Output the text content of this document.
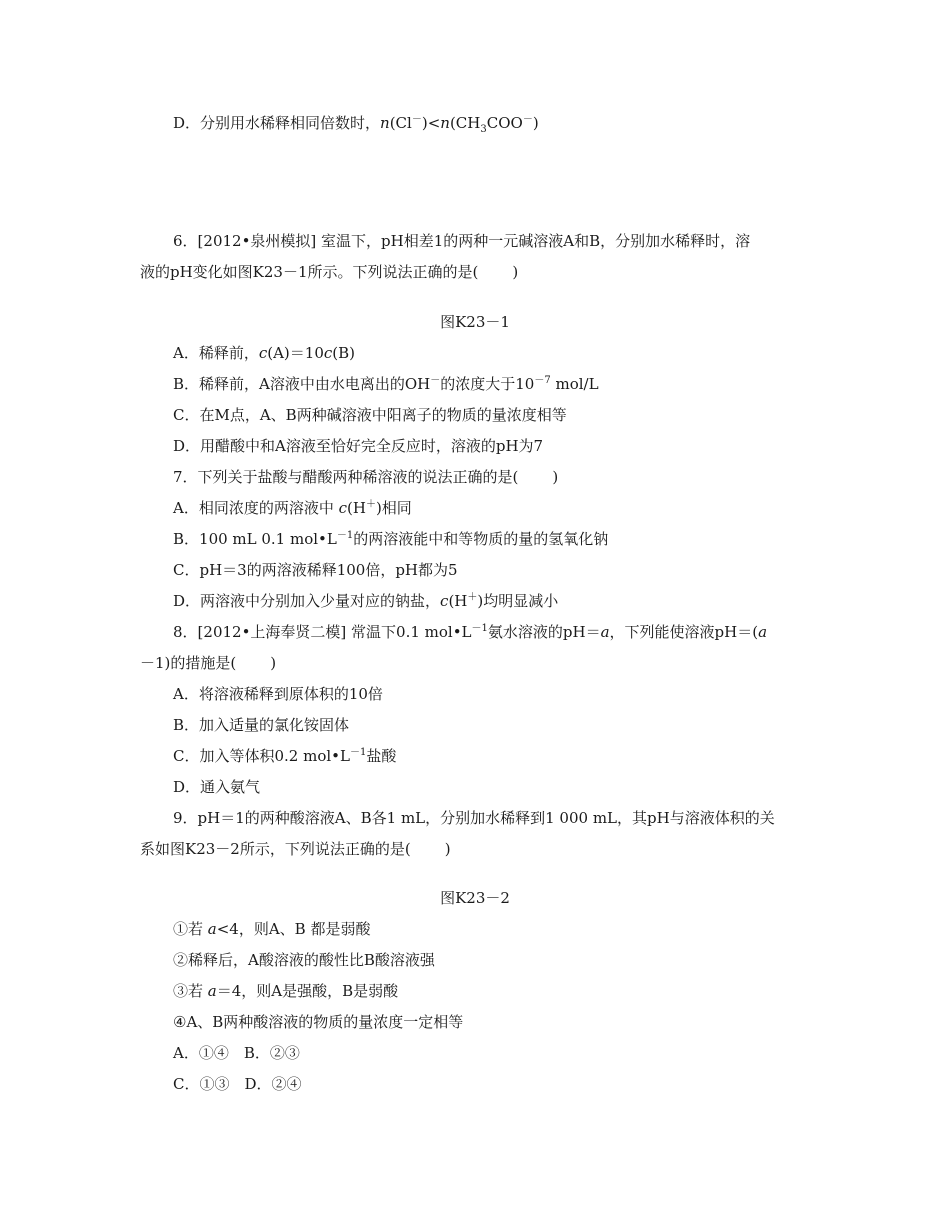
D．分别用水稀释相同倍数时，$n(Cl^-)<n(CH_3COO^-)$
6．[2012•泉州模拟] 室温下，pH相差1的两种一元碱溶液A和B，分别加水稀释时，溶
液的pH变化如图K23－1所示。下列说法正确的是( )
图K23－1
A．稀释前，c(A)＝10c(B)
B．稀释前，A溶液中由水电离出的OH－的浓度大于$10^{-7}$ mol/L
C．在M点，A、B两种碱溶液中阳离子的物质的量浓度相等
D．用醋酸中和A溶液至恰好完全反应时，溶液的pH为7
7．下列关于盐酸与醋酸两种稀溶液的说法正确的是( )
A．相同浓度的两溶液中 c(H＋)相同
B．100 mL 0.1 $mol•L^{-1}$的两溶液能中和等物质的量的氢氧化钠
C．pH＝3的两溶液稀释100倍，pH都为5
D．两溶液中分别加入少量对应的钠盐，c(H＋)均明显减小
8．[2012•上海奉贤二模] 常温下0.1 $mol•L^{-1}$氨水溶液的pH＝a，下列能使溶液pH＝(a
－1)的措施是( )
A．将溶液稀释到原体积的10倍
B．加入适量的氯化铵固体
C．加入等体积0.2 $mol•L^{-1}$盐酸
D．通入氨气
9．pH＝1的两种酸溶液A、B各1 mL，分别加水稀释到1 000 mL，其pH与溶液体积的关
系如图K23－2所示，下列说法正确的是( )
图K23－2
①若 a<4，则A、B 都是弱酸
②稀释后，A酸溶液的酸性比B酸溶液强
③若 a＝4，则A是强酸，B是弱酸
④A、B两种酸溶液的物质的量浓度一定相等
A．①④　B．②③
C．①③　D．②④
